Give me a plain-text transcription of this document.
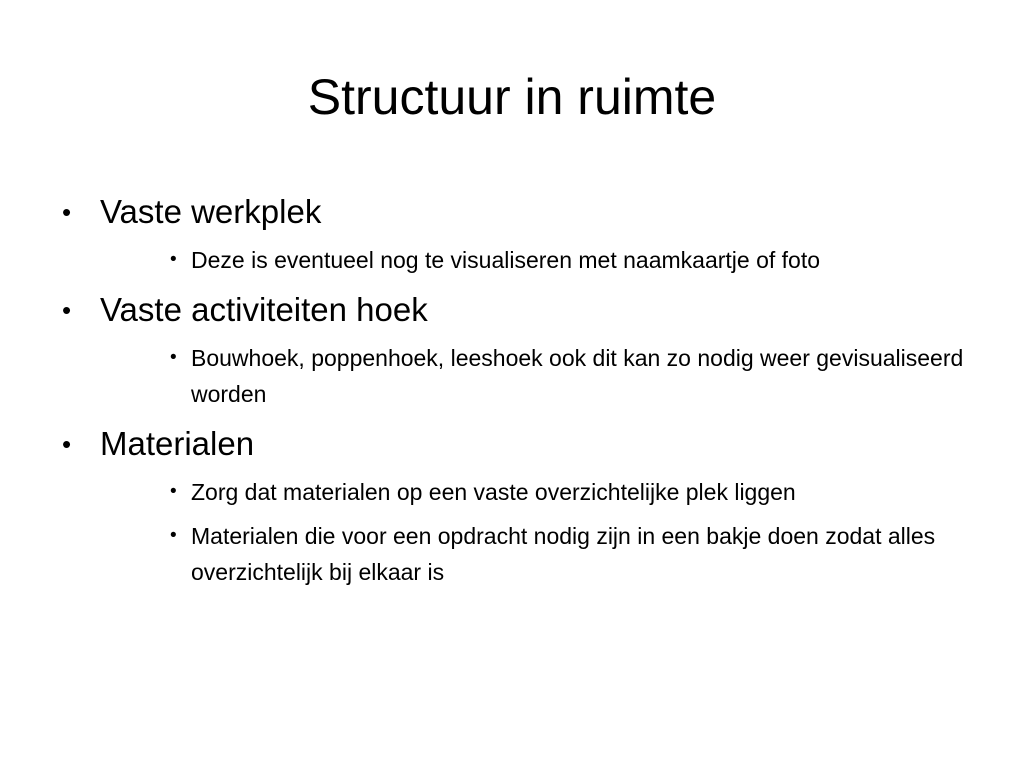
Structuur in ruimte
• Vaste werkplek
• Deze is eventueel nog te visualiseren met naamkaartje of foto
• Vaste activiteiten hoek
• Bouwhoek, poppenhoek, leeshoek ook dit kan zo nodig weer gevisualiseerd worden
• Materialen
• Zorg dat materialen op een vaste overzichtelijke plek liggen
• Materialen die voor een opdracht nodig zijn in een bakje doen zodat alles overzichtelijk bij elkaar is
